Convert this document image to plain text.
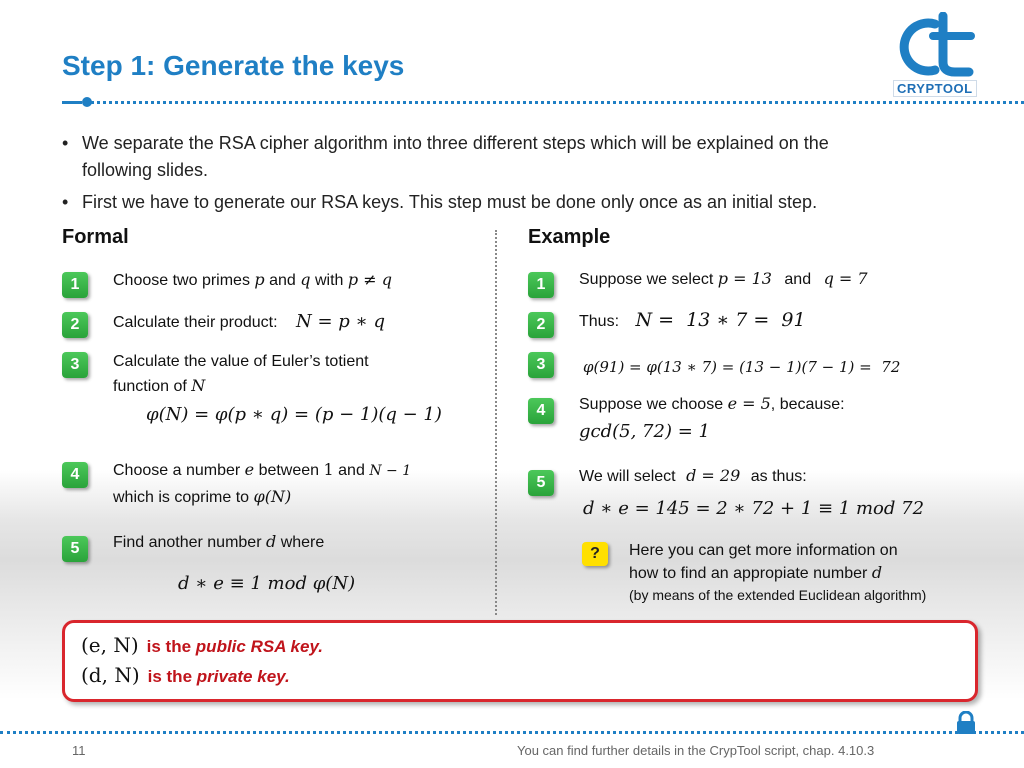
Step 1: Generate the keys
CRYPTOOL
• We separate the RSA cipher algorithm into three different steps which will be explained on the following slides.
• First we have to generate our RSA keys. This step must be done only once as an initial step.
Formal	Example
1	Choose two primes p and q with p ≠ q
2	Calculate their product: N = p ∗ q
3	Calculate the value of Euler’s totient
function of N
φ(N) = φ(p ∗ q) = (p − 1)(q − 1)
4	Choose a number e between 1 and N − 1
which is coprime to φ(N)
5	Find another number d where
d ∗ e ≡ 1 mod φ(N)
1	Suppose we select p = 13 and q = 7
2	Thus: N =  13 ∗ 7 =  91
3	φ(91) = φ(13 ∗ 7) = (13 − 1)(7 − 1) =  72
4	Suppose we choose e = 5, because:
gcd(5, 72) = 1
5	We will select d = 29 as thus:
d ∗ e = 145 = 2 ∗ 72 + 1 ≡ 1 mod 72
?	Here you can get more information on
how to find an appropiate number d
(by means of the extended Euclidean algorithm)
(e, N) is the public RSA key.
(d, N) is the private key.
11	You can find further details in the CrypTool script, chap. 4.10.3
